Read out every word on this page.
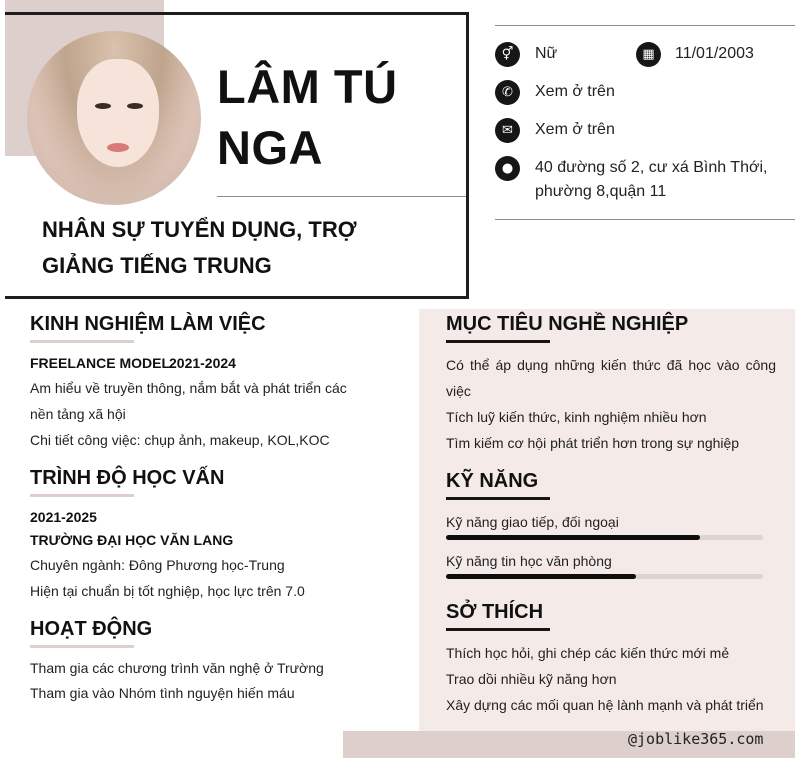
LÂM TÚ
NGA
NHÂN SỰ TUYỂN DỤNG, TRỢ
GIẢNG TIẾNG TRUNG
⚥	Nữ	▦	11/01/2003
✆	Xem ở trên
✉	Xem ở trên
●	40 đường số 2, cư xá Bình Thới,
phường 8,quận 11
KINH NGHIỆM LÀM VIỆC
FREELANCE MODEL 2021-2024
Am hiểu về truyền thông, nắm bắt và phát triển các
nền tảng xã hội
Chi tiết công việc: chụp ảnh, makeup, KOL,KOC
TRÌNH ĐỘ HỌC VẤN
2021-2025
TRƯỜNG ĐẠI HỌC VĂN LANG
Chuyên ngành: Đông Phương học-Trung
Hiện tại chuẩn bị tốt nghiệp, học lực trên 7.0
HOẠT ĐỘNG
Tham gia các chương trình văn nghệ ở Trường
Tham gia vào Nhóm tình nguyện hiến máu
MỤC TIÊU NGHỀ NGHIỆP
Có thể áp dụng những kiến thức đã học vào công
việc
Tích luỹ kiến thức, kinh nghiệm nhiều hơn
Tìm kiếm cơ hội phát triển hơn trong sự nghiệp
KỸ NĂNG
Kỹ năng giao tiếp, đối ngoại
Kỹ năng tin học văn phòng
SỞ THÍCH
Thích học hỏi, ghi chép các kiến thức mới mẻ
Trao dồi nhiều kỹ năng hơn
Xây dựng các mối quan hệ lành mạnh và phát triển
@joblike365.com
